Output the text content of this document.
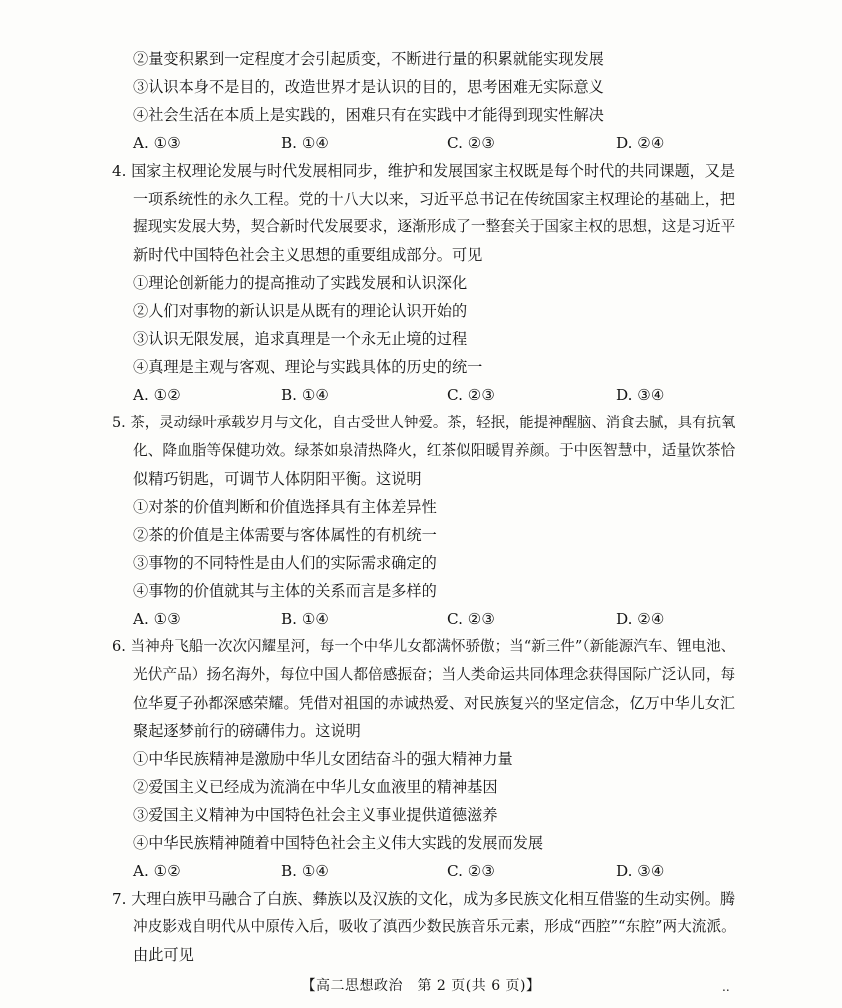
②量变积累到一定程度才会引起质变，不断进行量的积累就能实现发展
③认识本身不是目的，改造世界才是认识的目的，思考困难无实际意义
④社会生活在本质上是实践的，困难只有在实践中才能得到现实性解决
A. ①③	B. ①④	C. ②③	D. ②④
4. 国家主权理论发展与时代发展相同步，维护和发展国家主权既是每个时代的共同课题，又是
一项系统性的永久工程。党的十八大以来，习近平总书记在传统国家主权理论的基础上，把
握现实发展大势，契合新时代发展要求，逐渐形成了一整套关于国家主权的思想，这是习近平
新时代中国特色社会主义思想的重要组成部分。可见
①理论创新能力的提高推动了实践发展和认识深化
②人们对事物的新认识是从既有的理论认识开始的
③认识无限发展，追求真理是一个永无止境的过程
④真理是主观与客观、理论与实践具体的历史的统一
A. ①②	B. ①④	C. ②③	D. ③④
5. 茶，灵动绿叶承载岁月与文化，自古受世人钟爱。茶，轻抿，能提神醒脑、消食去腻，具有抗氧
化、降血脂等保健功效。绿茶如泉清热降火，红茶似阳暖胃养颜。于中医智慧中，适量饮茶恰
似精巧钥匙，可调节人体阴阳平衡。这说明
①对茶的价值判断和价值选择具有主体差异性
②茶的价值是主体需要与客体属性的有机统一
③事物的不同特性是由人们的实际需求确定的
④事物的价值就其与主体的关系而言是多样的
A. ①③	B. ①④	C. ②③	D. ②④
6. 当神舟飞船一次次闪耀星河，每一个中华儿女都满怀骄傲；当“新三件”（新能源汽车、锂电池、
光伏产品）扬名海外，每位中国人都倍感振奋；当人类命运共同体理念获得国际广泛认同，每
位华夏子孙都深感荣耀。凭借对祖国的赤诚热爱、对民族复兴的坚定信念，亿万中华儿女汇
聚起逐梦前行的磅礴伟力。这说明
①中华民族精神是激励中华儿女团结奋斗的强大精神力量
②爱国主义已经成为流淌在中华儿女血液里的精神基因
③爱国主义精神为中国特色社会主义事业提供道德滋养
④中华民族精神随着中国特色社会主义伟大实践的发展而发展
A. ①②	B. ①④	C. ②③	D. ③④
7. 大理白族甲马融合了白族、彝族以及汉族的文化，成为多民族文化相互借鉴的生动实例。腾
冲皮影戏自明代从中原传入后，吸收了滇西少数民族音乐元素，形成“西腔”“东腔”两大流派。
由此可见
【高二思想政治　第 2 页(共 6 页)】	..
